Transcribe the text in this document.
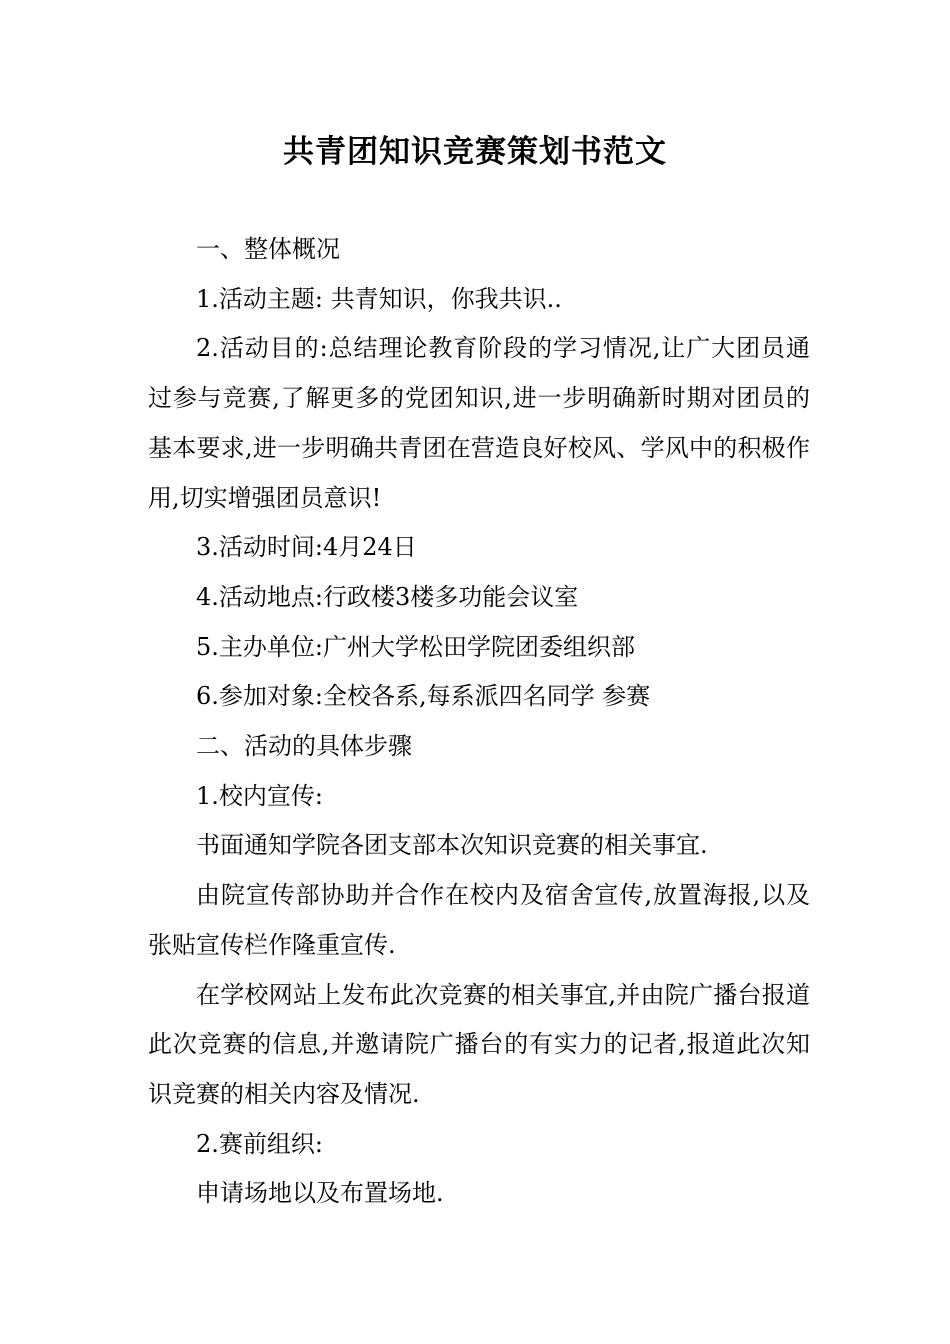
共青团知识竞赛策划书范文

一、整体概况

1.活动主题: 共青知识，你我共识..

2.活动目的:总结理论教育阶段的学习情况,让广大团员通过参与竞赛,了解更多的党团知识,进一步明确新时期对团员的基本要求,进一步明确共青团在营造良好校风、学风中的积极作用,切实增强团员意识!

3.活动时间:4月24日

4.活动地点:行政楼3楼多功能会议室

5.主办单位:广州大学松田学院团委组织部

6.参加对象:全校各系,每系派四名同学 参赛

二、活动的具体步骤

1.校内宣传:

书面通知学院各团支部本次知识竞赛的相关事宜.

由院宣传部协助并合作在校内及宿舍宣传,放置海报,以及张贴宣传栏作隆重宣传.

在学校网站上发布此次竞赛的相关事宜,并由院广播台报道此次竞赛的信息,并邀请院广播台的有实力的记者,报道此次知识竞赛的相关内容及情况.

2.赛前组织:

申请场地以及布置场地.
